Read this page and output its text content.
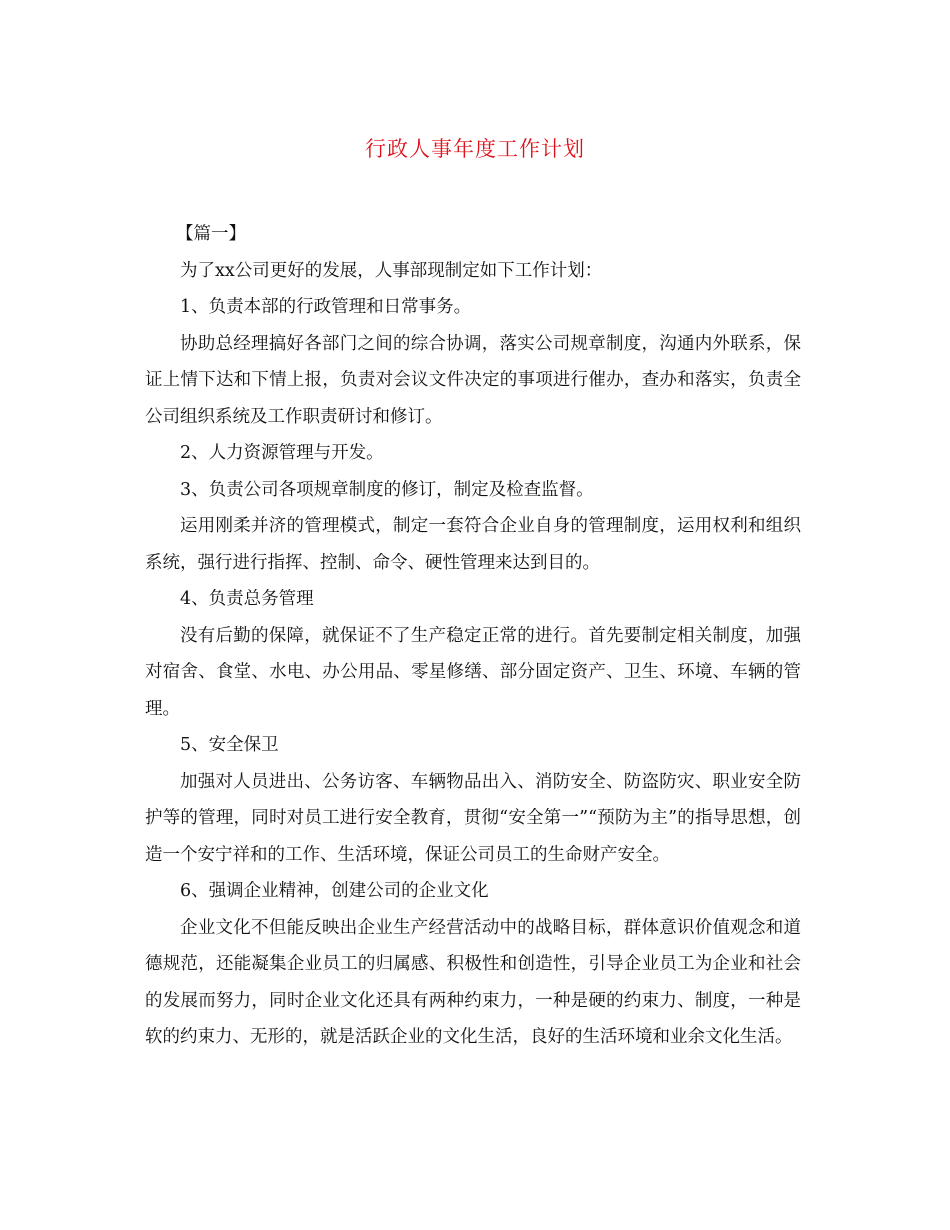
行政人事年度工作计划

【篇一】

为了xx公司更好的发展，人事部现制定如下工作计划：

1、负责本部的行政管理和日常事务。

协助总经理搞好各部门之间的综合协调，落实公司规章制度，沟通内外联系，保证上情下达和下情上报，负责对会议文件决定的事项进行催办，查办和落实，负责全公司组织系统及工作职责研讨和修订。

2、人力资源管理与开发。

3、负责公司各项规章制度的修订，制定及检查监督。

运用刚柔并济的管理模式，制定一套符合企业自身的管理制度，运用权利和组织系统，强行进行指挥、控制、命令、硬性管理来达到目的。

4、负责总务管理

没有后勤的保障，就保证不了生产稳定正常的进行。首先要制定相关制度，加强对宿舍、食堂、水电、办公用品、零星修缮、部分固定资产、卫生、环境、车辆的管理。

5、安全保卫

加强对人员进出、公务访客、车辆物品出入、消防安全、防盗防灾、职业安全防护等的管理，同时对员工进行安全教育，贯彻“安全第一”“预防为主”的指导思想，创造一个安宁祥和的工作、生活环境，保证公司员工的生命财产安全。

6、强调企业精神，创建公司的企业文化

企业文化不但能反映出企业生产经营活动中的战略目标，群体意识价值观念和道德规范，还能凝集企业员工的归属感、积极性和创造性，引导企业员工为企业和社会的发展而努力，同时企业文化还具有两种约束力，一种是硬的约束力、制度，一种是软的约束力、无形的，就是活跃企业的文化生活，良好的生活环境和业余文化生活。
